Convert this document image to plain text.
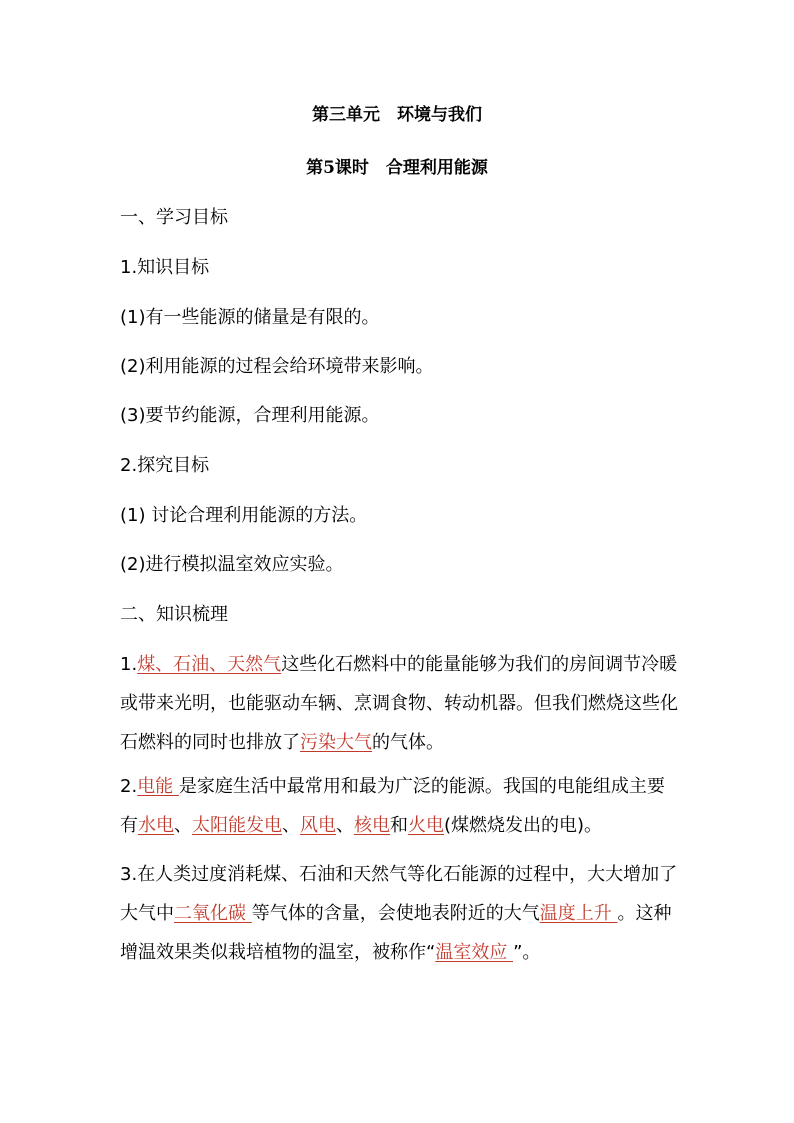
第三单元　环境与我们
第5课时　合理利用能源

一、学习目标

1.知识目标

(1)有一些能源的储量是有限的。

(2)利用能源的过程会给环境带来影响。

(3)要节约能源，合理利用能源。

2.探究目标

(1) 讨论合理利用能源的方法。

(2)进行模拟温室效应实验。

二、知识梳理

1.煤、石油、天然气这些化石燃料中的能量能够为我们的房间调节冷暖或带来光明，也能驱动车辆、烹调食物、转动机器。但我们燃烧这些化石燃料的同时也排放了污染大气的气体。

2.电能 是家庭生活中最常用和最为广泛的能源。我国的电能组成主要有水电、太阳能发电、风电、核电和火电(煤燃烧发出的电)。

3.在人类过度消耗煤、石油和天然气等化石能源的过程中，大大增加了大气中二氧化碳 等气体的含量，会使地表附近的大气温度上升 。这种增温效果类似栽培植物的温室，被称作“温室效应 ”。
